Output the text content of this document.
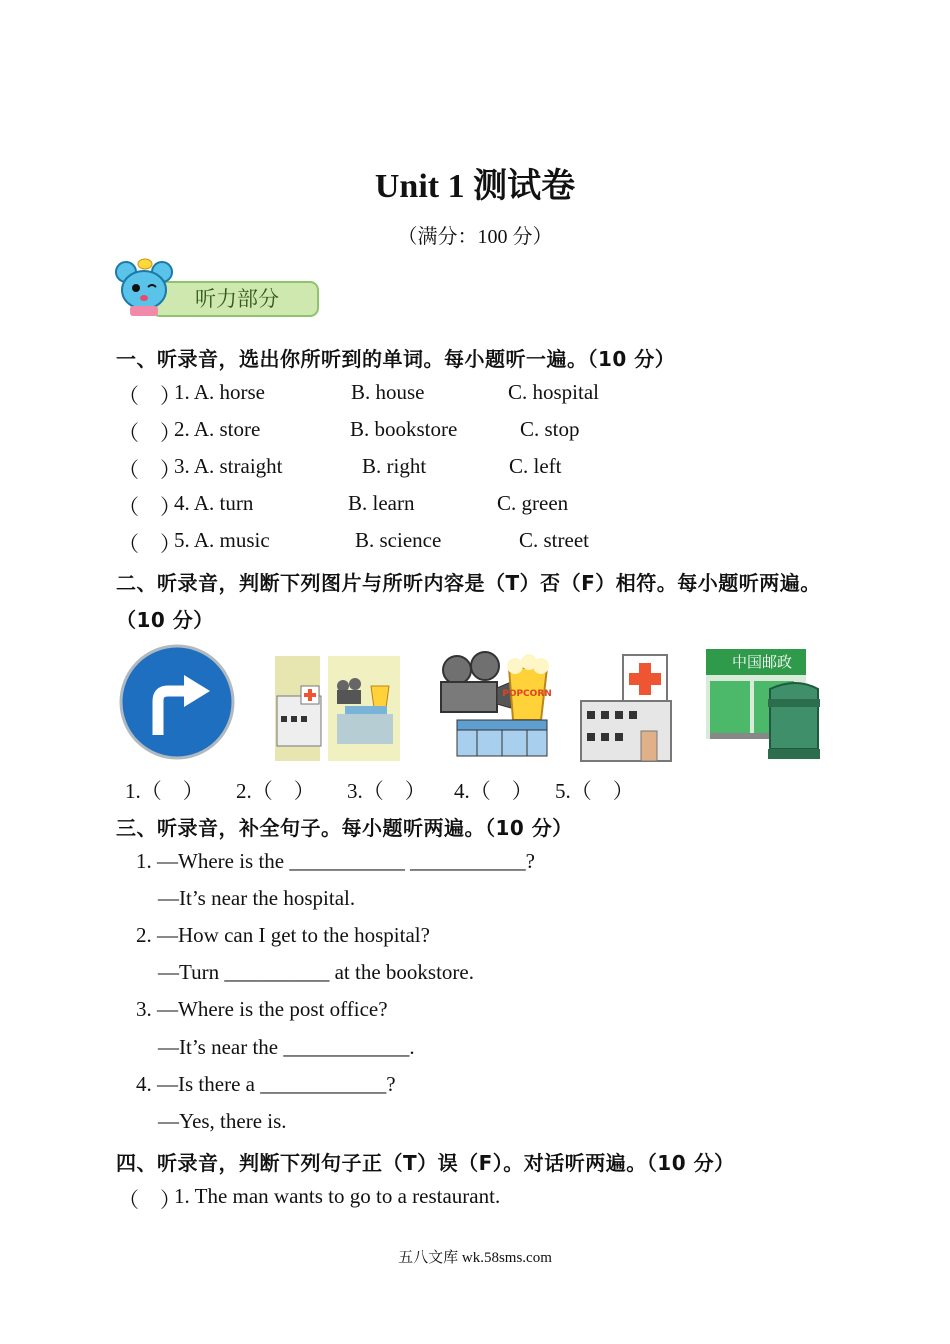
Unit 1 测试卷
（满分：100 分）
听力部分
一、听录音，选出你所听到的单词。每小题听一遍。（10 分）
（　）
1. A. horse	B. house	C. hospital
（　）
2. A. store	B. bookstore	C. stop
（　）
3. A. straight	B. right	C. left
（　）
4. A. turn	B. learn	C. green
（　）
5. A. music	B. science	C. street
二、听录音，判断下列图片与所听内容是（T）否（F）相符。每小题听两遍。
（10 分）
POPCORN
中国邮政
1.（　） 2.（　） 3.（　） 4.（　） 5.（　）
三、听录音，补全句子。每小题听两遍。（10 分）
1. —Where is the ___________ ___________?
—It’s near the hospital.
2. —How can I get to the hospital?
—Turn __________ at the bookstore.
3. —Where is the post office?
—It’s near the ____________.
4. —Is there a ____________?
—Yes, there is.
四、听录音，判断下列句子正（T）误（F）。对话听两遍。（10 分）
（　）
1. The man wants to go to a restaurant.
五八文库 wk.58sms.com
